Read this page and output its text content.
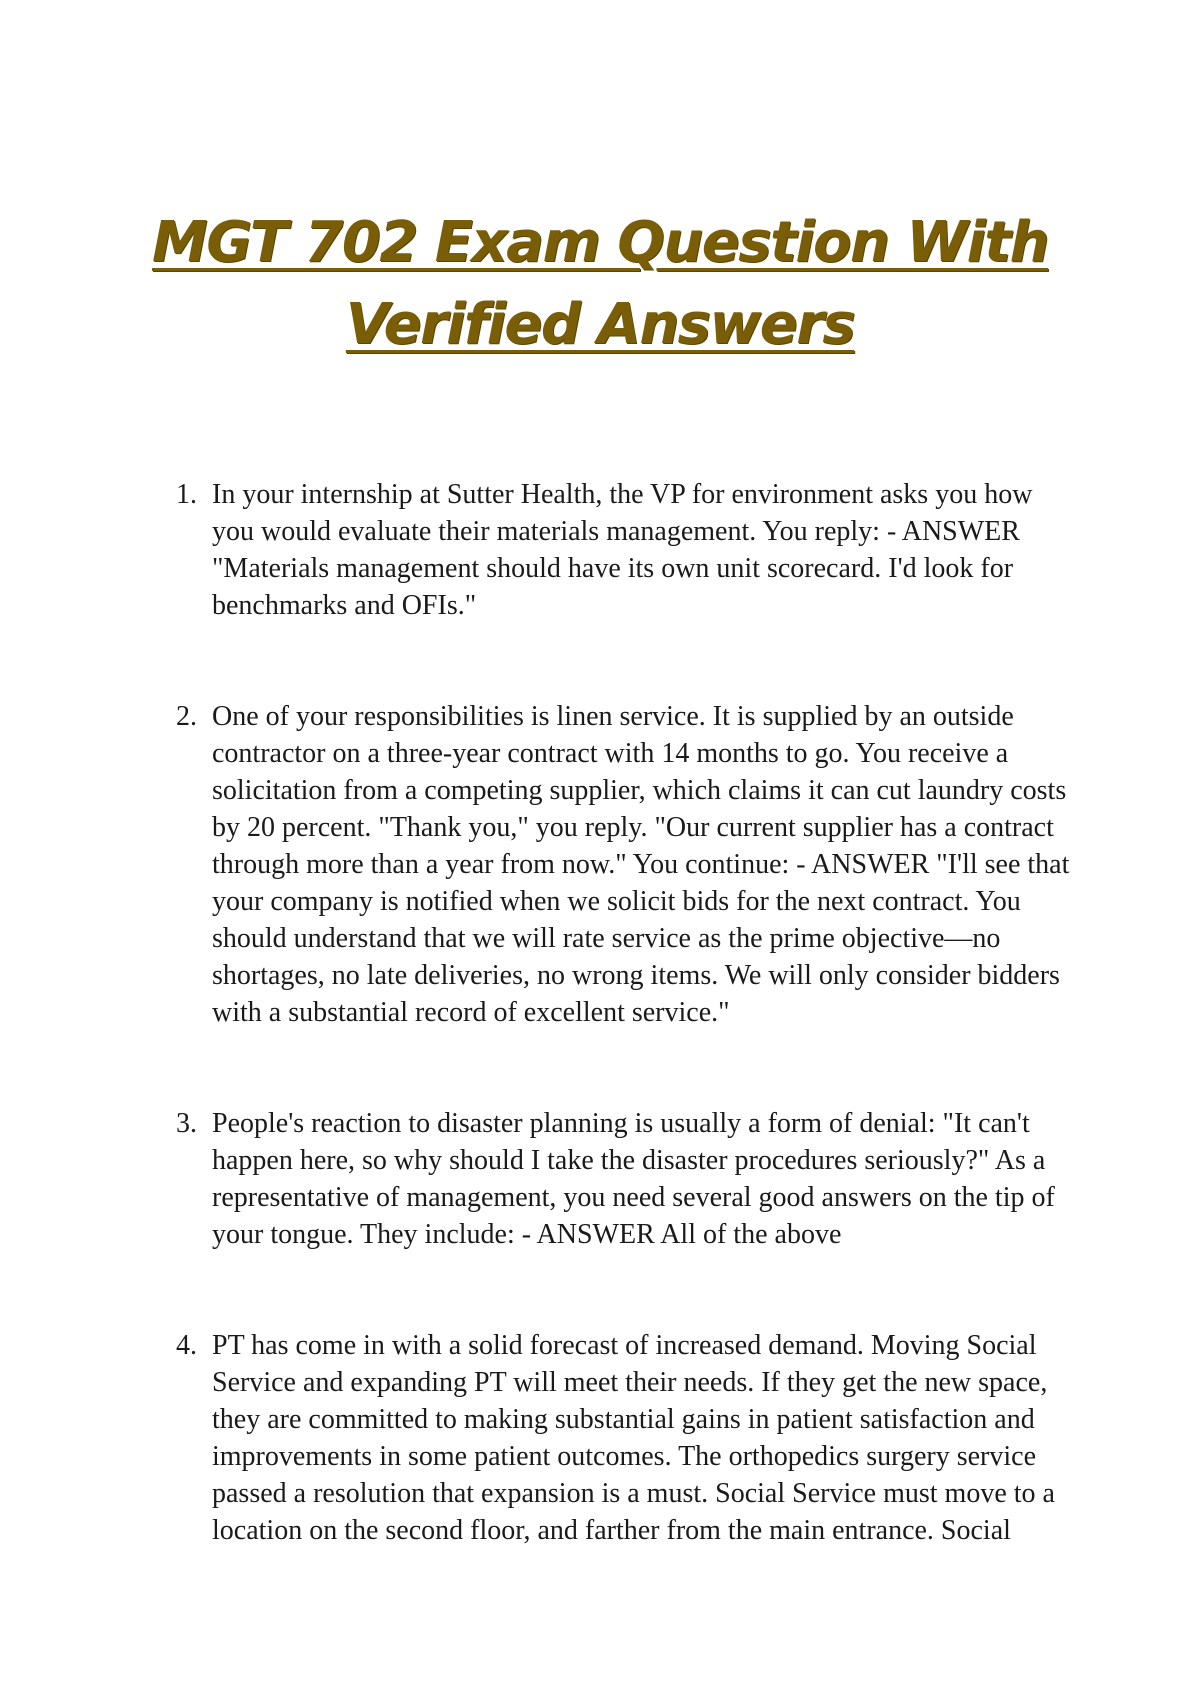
MGT 702 Exam Question With
Verified Answers
1. In your internship at Sutter Health, the VP for environment asks you how you would evaluate their materials management. You reply: - ANSWER "Materials management should have its own unit scorecard. I'd look for benchmarks and OFIs."
2. One of your responsibilities is linen service. It is supplied by an outside contractor on a three-year contract with 14 months to go. You receive a solicitation from a competing supplier, which claims it can cut laundry costs by 20 percent. "Thank you," you reply. "Our current supplier has a contract through more than a year from now." You continue: - ANSWER "I'll see that your company is notified when we solicit bids for the next contract. You should understand that we will rate service as the prime objective—no shortages, no late deliveries, no wrong items. We will only consider bidders with a substantial record of excellent service."
3. People's reaction to disaster planning is usually a form of denial: "It can't happen here, so why should I take the disaster procedures seriously?" As a representative of management, you need several good answers on the tip of your tongue. They include: - ANSWER All of the above
4. PT has come in with a solid forecast of increased demand. Moving Social Service and expanding PT will meet their needs. If they get the new space, they are committed to making substantial gains in patient satisfaction and improvements in some patient outcomes. The orthopedics surgery service passed a resolution that expansion is a must. Social Service must move to a location on the second floor, and farther from the main entrance. Social
